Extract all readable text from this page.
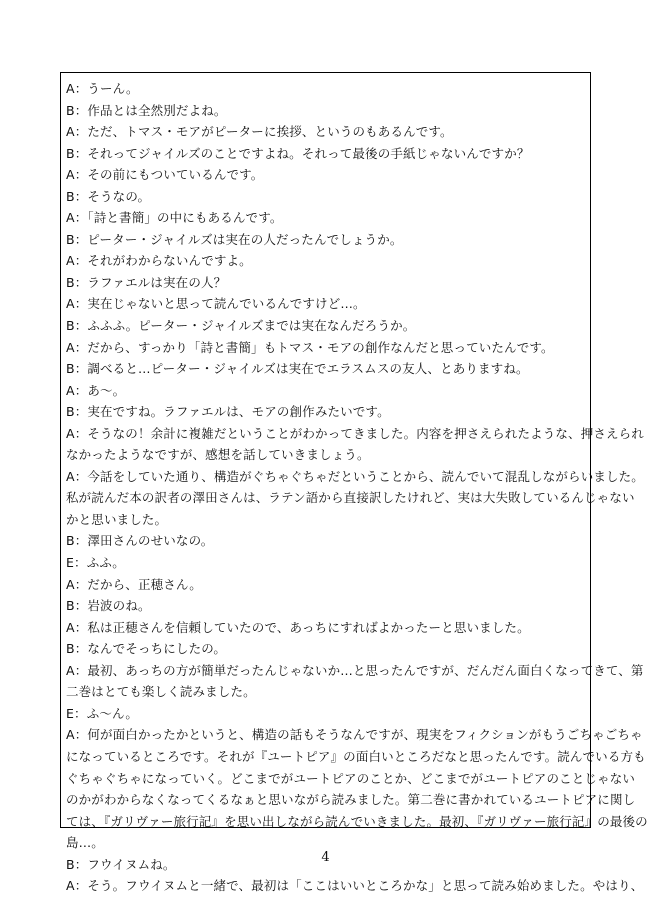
A：うーん。
B：作品とは全然別だよね。
A：ただ、トマス・モアがピーターに挨拶、というのもあるんです。
B：それってジャイルズのことですよね。それって最後の手紙じゃないんですか？
A：その前にもついているんです。
B：そうなの。
A：「詩と書簡」の中にもあるんです。
B：ピーター・ジャイルズは実在の人だったんでしょうか。
A：それがわからないんですよ。
B：ラファエルは実在の人？
A：実在じゃないと思って読んでいるんですけど…。
B：ふふふ。ピーター・ジャイルズまでは実在なんだろうか。
A：だから、すっかり「詩と書簡」もトマス・モアの創作なんだと思っていたんです。
B：調べると…ピーター・ジャイルズは実在でエラスムスの友人、とありますね。
A：あ～。
B：実在ですね。ラファエルは、モアの創作みたいです。
A：そうなの！余計に複雑だということがわかってきました。内容を押さえられたような、押さえられ
なかったようなですが、感想を話していきましょう。
A：今話をしていた通り、構造がぐちゃぐちゃだということから、読んでいて混乱しながらいました。
私が読んだ本の訳者の澤田さんは、ラテン語から直接訳したけれど、実は大失敗しているんじゃない
かと思いました。
B：澤田さんのせいなの。
E：ふふ。
A：だから、正穂さん。
B：岩波のね。
A：私は正穂さんを信頼していたので、あっちにすればよかったーと思いました。
B：なんでそっちにしたの。
A：最初、あっちの方が簡単だったんじゃないか…と思ったんですが、だんだん面白くなってきて、第
二巻はとても楽しく読みました。
E：ふ～ん。
A：何が面白かったかというと、構造の話もそうなんですが、現実をフィクションがもうごちゃごちゃ
になっているところです。それが『ユートピア』の面白いところだなと思ったんです。読んでいる方も
ぐちゃぐちゃになっていく。どこまでがユートピアのことか、どこまでがユートピアのことじゃない
のかがわからなくなってくるなぁと思いながら読みました。第二巻に書かれているユートピアに関し
ては、『ガリヴァー旅行記』を思い出しながら読んでいきました。最初、『ガリヴァー旅行記』の最後の
島…。
B：フウイヌムね。
A：そう。フウイヌムと一緒で、最初は「ここはいいところかな」と思って読み始めました。やはり、
4
